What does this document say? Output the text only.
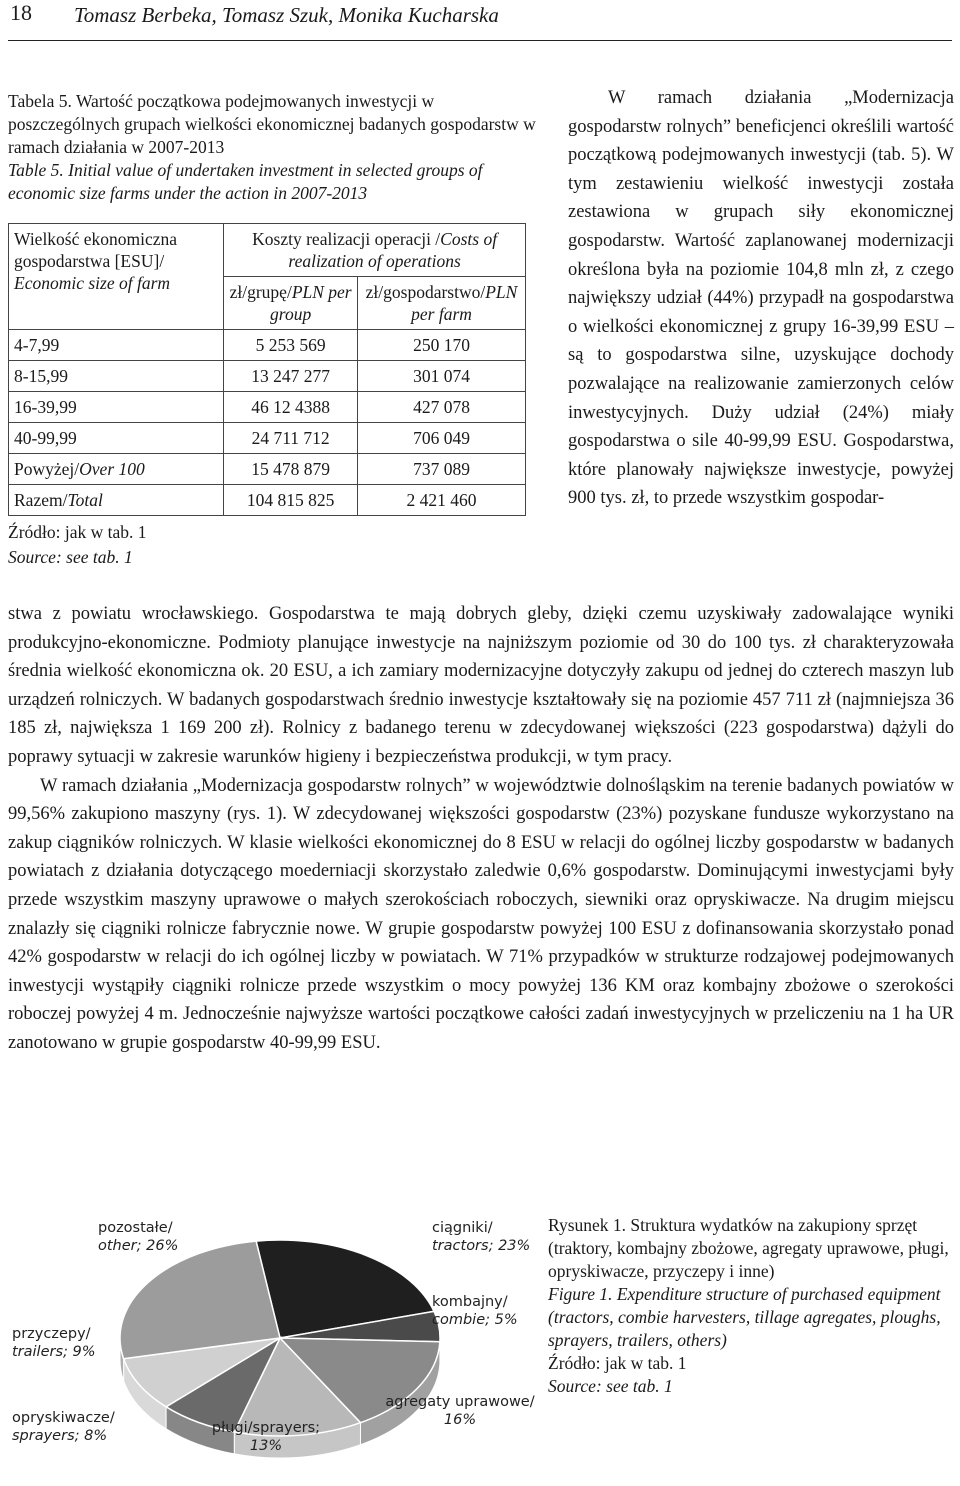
18 Tomasz Berbeka, Tomasz Szuk, Monika Kucharska
Tabela 5. Wartość początkowa podejmowanych inwestycji w poszczególnych grupach wielkości ekonomicznej badanych gospodarstw w ramach działania w 2007-2013
Table 5. Initial value of undertaken investment in selected groups of economic size farms under the action in 2007-2013
Wielkość ekonomiczna gospodarstwa [ESU]/
Economic size of farm	Koszty realizacji operacji /Costs of realization of operations	
	zł/grupę/PLN per group	zł/gospodarstwo/PLN per farm
4-7,99	5 253 569	250 170
8-15,99	13 247 277	301 074
16-39,99	46 12 4388	427 078
40-99,99	24 711 712	706 049
Powyżej/Over 100	15 478 879	737 089
Razem/Total	104 815 825	2 421 460
Źródło: jak w tab. 1
Source: see tab. 1

W ramach działania „Modernizacja gospodarstw rolnych” beneficjenci określili wartość początkową podejmowanych inwestycji (tab. 5). W tym zestawieniu wielkość inwestycji została zestawiona w grupach siły ekonomicznej gospodarstw. Wartość zaplanowanej modernizacji określona była na poziomie 104,8 mln zł, z czego największy udział (44%) przypadł na gospodarstwa o wielkości ekonomicznej z grupy 16-39,99 ESU – są to gospodarstwa silne, uzyskujące dochody pozwalające na realizowanie zamierzonych celów inwestycyjnych. Duży udział (24%) miały gospodarstwa o sile 40-99,99 ESU. Gospodarstwa, które planowały największe inwestycje, powyżej 900 tys. zł, to przede wszystkim gospodar-

stwa z powiatu wrocławskiego. Gospodarstwa te mają dobrych gleby, dzięki czemu uzyskiwały zadowalające wyniki produkcyjno-ekonomiczne. Podmioty planujące inwestycje na najniższym poziomie od 30 do 100 tys. zł charakteryzowała średnia wielkość ekonomiczna ok. 20 ESU, a ich zamiary modernizacyjne dotyczyły zakupu od jednej do czterech maszyn lub urządzeń rolniczych. W badanych gospodarstwach średnio inwestycje kształtowały się na poziomie 457 711 zł (najmniejsza 36 185 zł, największa 1 169 200 zł). Rolnicy z badanego terenu w zdecydowanej większości (223 gospodarstwa) dążyli do poprawy sytuacji w zakresie warunków higieny i bezpieczeństwa produkcji, w tym pracy.

W ramach działania „Modernizacja gospodarstw rolnych” w województwie dolnośląskim na terenie badanych powiatów w 99,56% zakupiono maszyny (rys. 1). W zdecydowanej większości gospodarstw (23%) pozyskane fundusze wykorzystano na zakup ciągników rolniczych. W klasie wielkości ekonomicznej do 8 ESU w relacji do ogólnej liczby gospodarstw w badanych powiatach z działania dotyczącego moederniacji skorzystało zaledwie 0,6% gospodarstw. Dominującymi inwestycjami były przede wszystkim maszyny uprawowe o małych szerokościach roboczych, siewniki oraz opryskiwacze. Na drugim miejscu znalazły się ciągniki rolnicze fabrycznie nowe. W grupie gospodarstw powyżej 100 ESU z dofinansowania skorzystało ponad 42% gospodarstw w relacji do ich ogólnej liczby w powiatach. W 71% przypadków w strukturze rodzajowej podejmowanych inwestycji wystąpiły ciągniki rolnicze przede wszystkim o mocy powyżej 136 KM oraz kombajny zbożowe o szerokości roboczej powyżej 4 m. Jednocześnie najwyższe wartości początkowe całości zadań inwestycyjnych w przeliczeniu na 1 ha UR zanotowano w grupie gospodarstw 40-99,99 ESU.

ciągniki/ tractors; 23%
kombajny/ combie; 5%
agregaty uprawowe/ 16%
pługi/sprayers; 13%
opryskiwacze/ sprayers; 8%
przyczepy/ trailers; 9%
pozostałe/ other; 26%
Rysunek 1. Struktura wydatków na zakupiony sprzęt (traktory, kombajny zbożowe, agregaty uprawowe, pługi, opryskiwacze, przyczepy i inne)
Figure 1. Expenditure structure of purchased equipment (tractors, combie harvesters, tillage agregates, ploughs, sprayers, trailers, others)
Źródło: jak w tab. 1
Source: see tab. 1
